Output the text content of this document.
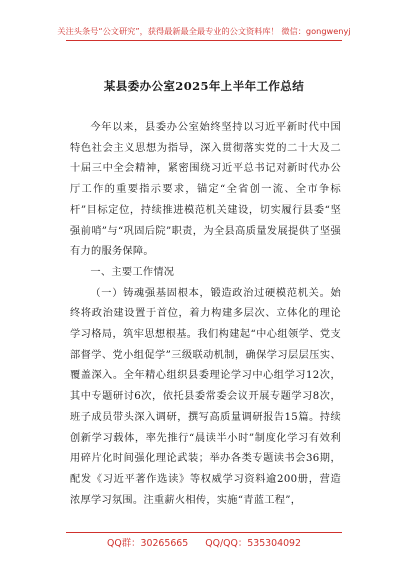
关注头条号“公文研究”，获得最新最全最专业的公文资料库！ 微信：gongwenyj
某县委办公室2025年上半年工作总结

今年以来，县委办公室始终坚持以习近平新时代中国特色社会主义思想为指导，深入贯彻落实党的二十大及二十届三中全会精神，紧密围绕习近平总书记对新时代办公厅工作的重要指示要求，锚定“全省创一流、全市争标杆”目标定位，持续推进模范机关建设，切实履行县委“坚强前哨”与“巩固后院”职责，为全县高质量发展提供了坚强有力的服务保障。

一、主要工作情况

（一）铸魂强基固根本，锻造政治过硬模范机关。始终将政治建设置于首位，着力构建多层次、立体化的理论学习格局，筑牢思想根基。我们构建起“中心组领学、党支部督学、党小组促学”三级联动机制，确保学习层层压实、覆盖深入。全年精心组织县委理论学习中心组学习12次，其中专题研讨6次，依托县委常委会议开展专题学习8次，班子成员带头深入调研，撰写高质量调研报告15篇。持续创新学习载体，率先推行“晨读半小时”制度化学习有效利用碎片化时间强化理论武装；举办各类专题读书会36期，配发《习近平著作选读》等权威学习资料逾200册，营造浓厚学习氛围。注重薪火相传，实施“青蓝工程”，

QQ群：30265665 QQ/QQ：535304092
